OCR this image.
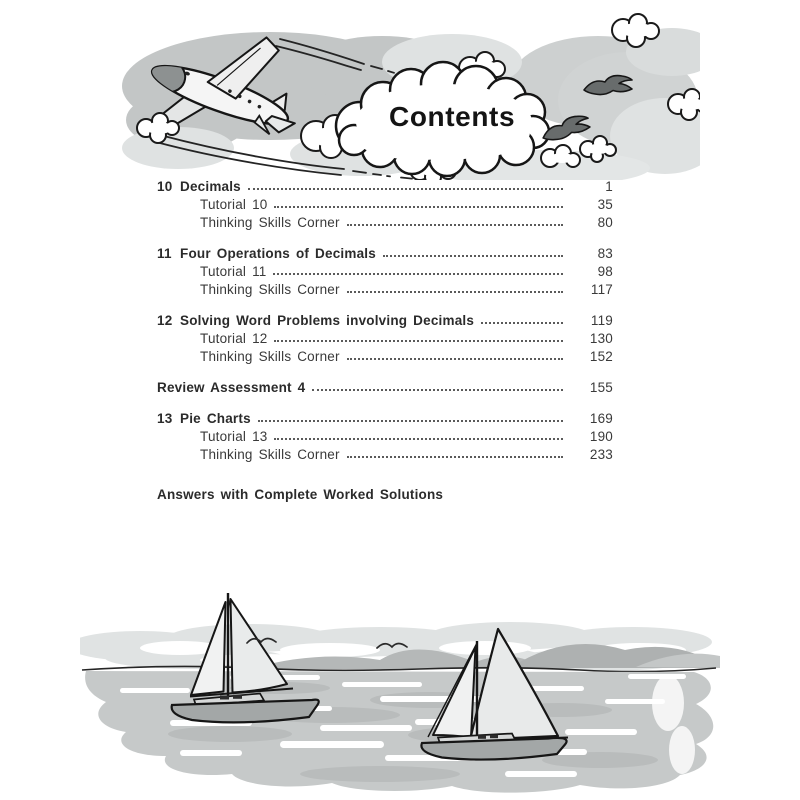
Contents
10 Decimals	1
Tutorial 10	35
Thinking Skills Corner	80
11 Four Operations of Decimals	83
Tutorial 11	98
Thinking Skills Corner	117
12 Solving Word Problems involving Decimals	119
Tutorial 12	130
Thinking Skills Corner	152
Review Assessment 4	155
13 Pie Charts	169
Tutorial 13	190
Thinking Skills Corner	233
Answers with Complete Worked Solutions
